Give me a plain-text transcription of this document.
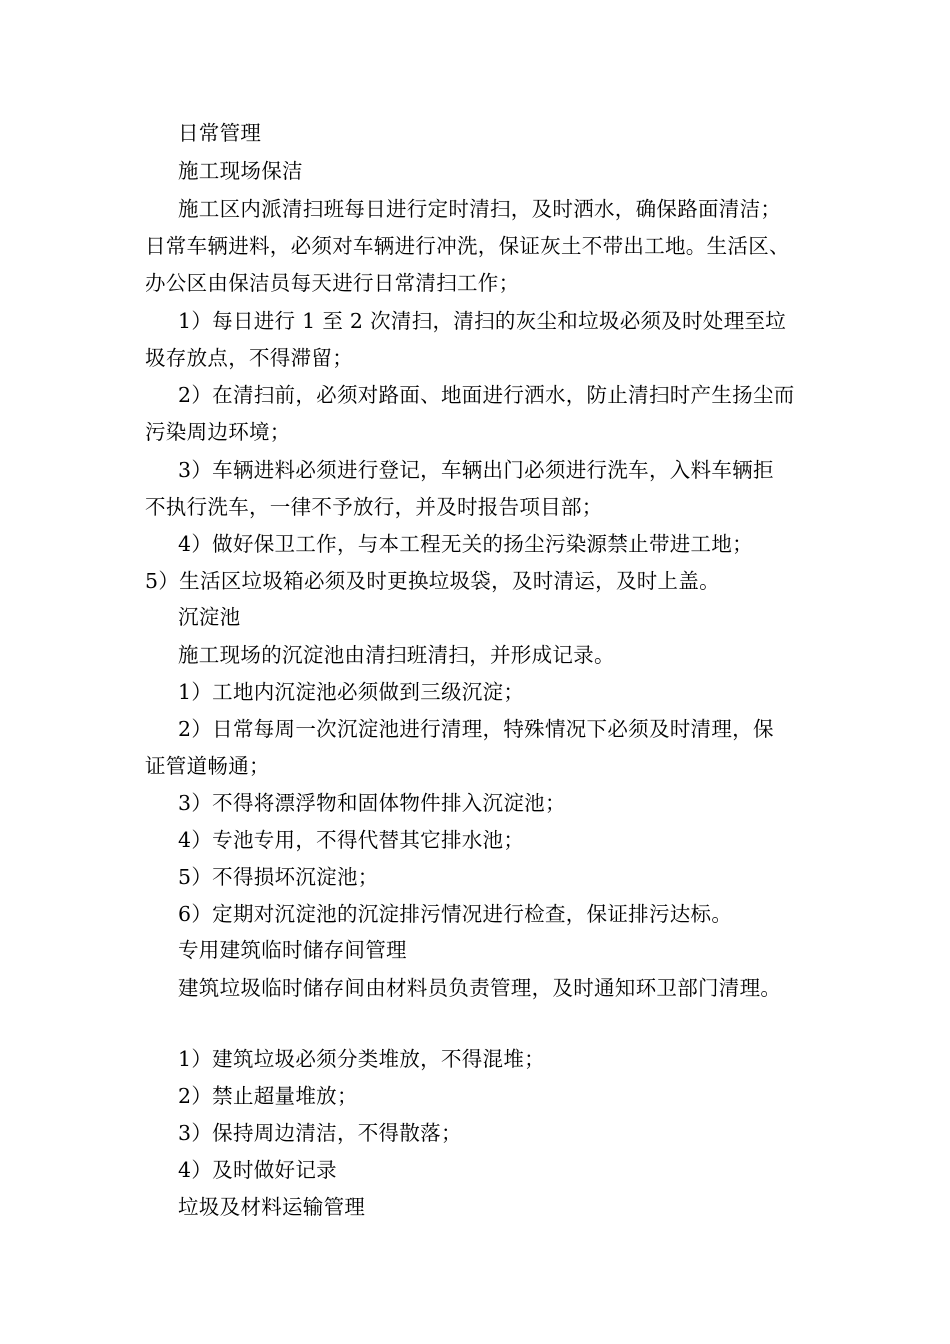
日常管理
施工现场保洁
施工区内派清扫班每日进行定时清扫，及时洒水，确保路面清洁；
日常车辆进料，必须对车辆进行冲洗，保证灰土不带出工地。生活区、
办公区由保洁员每天进行日常清扫工作；
1）每日进行 1 至 2 次清扫，清扫的灰尘和垃圾必须及时处理至垃
圾存放点，不得滞留；
2）在清扫前，必须对路面、地面进行洒水，防止清扫时产生扬尘而
污染周边环境；
3）车辆进料必须进行登记，车辆出门必须进行洗车，入料车辆拒
不执行洗车，一律不予放行，并及时报告项目部；
4）做好保卫工作，与本工程无关的扬尘污染源禁止带进工地；
5）生活区垃圾箱必须及时更换垃圾袋，及时清运，及时上盖。
沉淀池
施工现场的沉淀池由清扫班清扫，并形成记录。
1）工地内沉淀池必须做到三级沉淀；
2）日常每周一次沉淀池进行清理，特殊情况下必须及时清理，保
证管道畅通；
3）不得将漂浮物和固体物件排入沉淀池；
4）专池专用，不得代替其它排水池；
5）不得损坏沉淀池；
6）定期对沉淀池的沉淀排污情况进行检查，保证排污达标。
专用建筑临时储存间管理
建筑垃圾临时储存间由材料员负责管理，及时通知环卫部门清理。
1）建筑垃圾必须分类堆放，不得混堆；
2）禁止超量堆放；
3）保持周边清洁，不得散落；
4）及时做好记录
垃圾及材料运输管理
